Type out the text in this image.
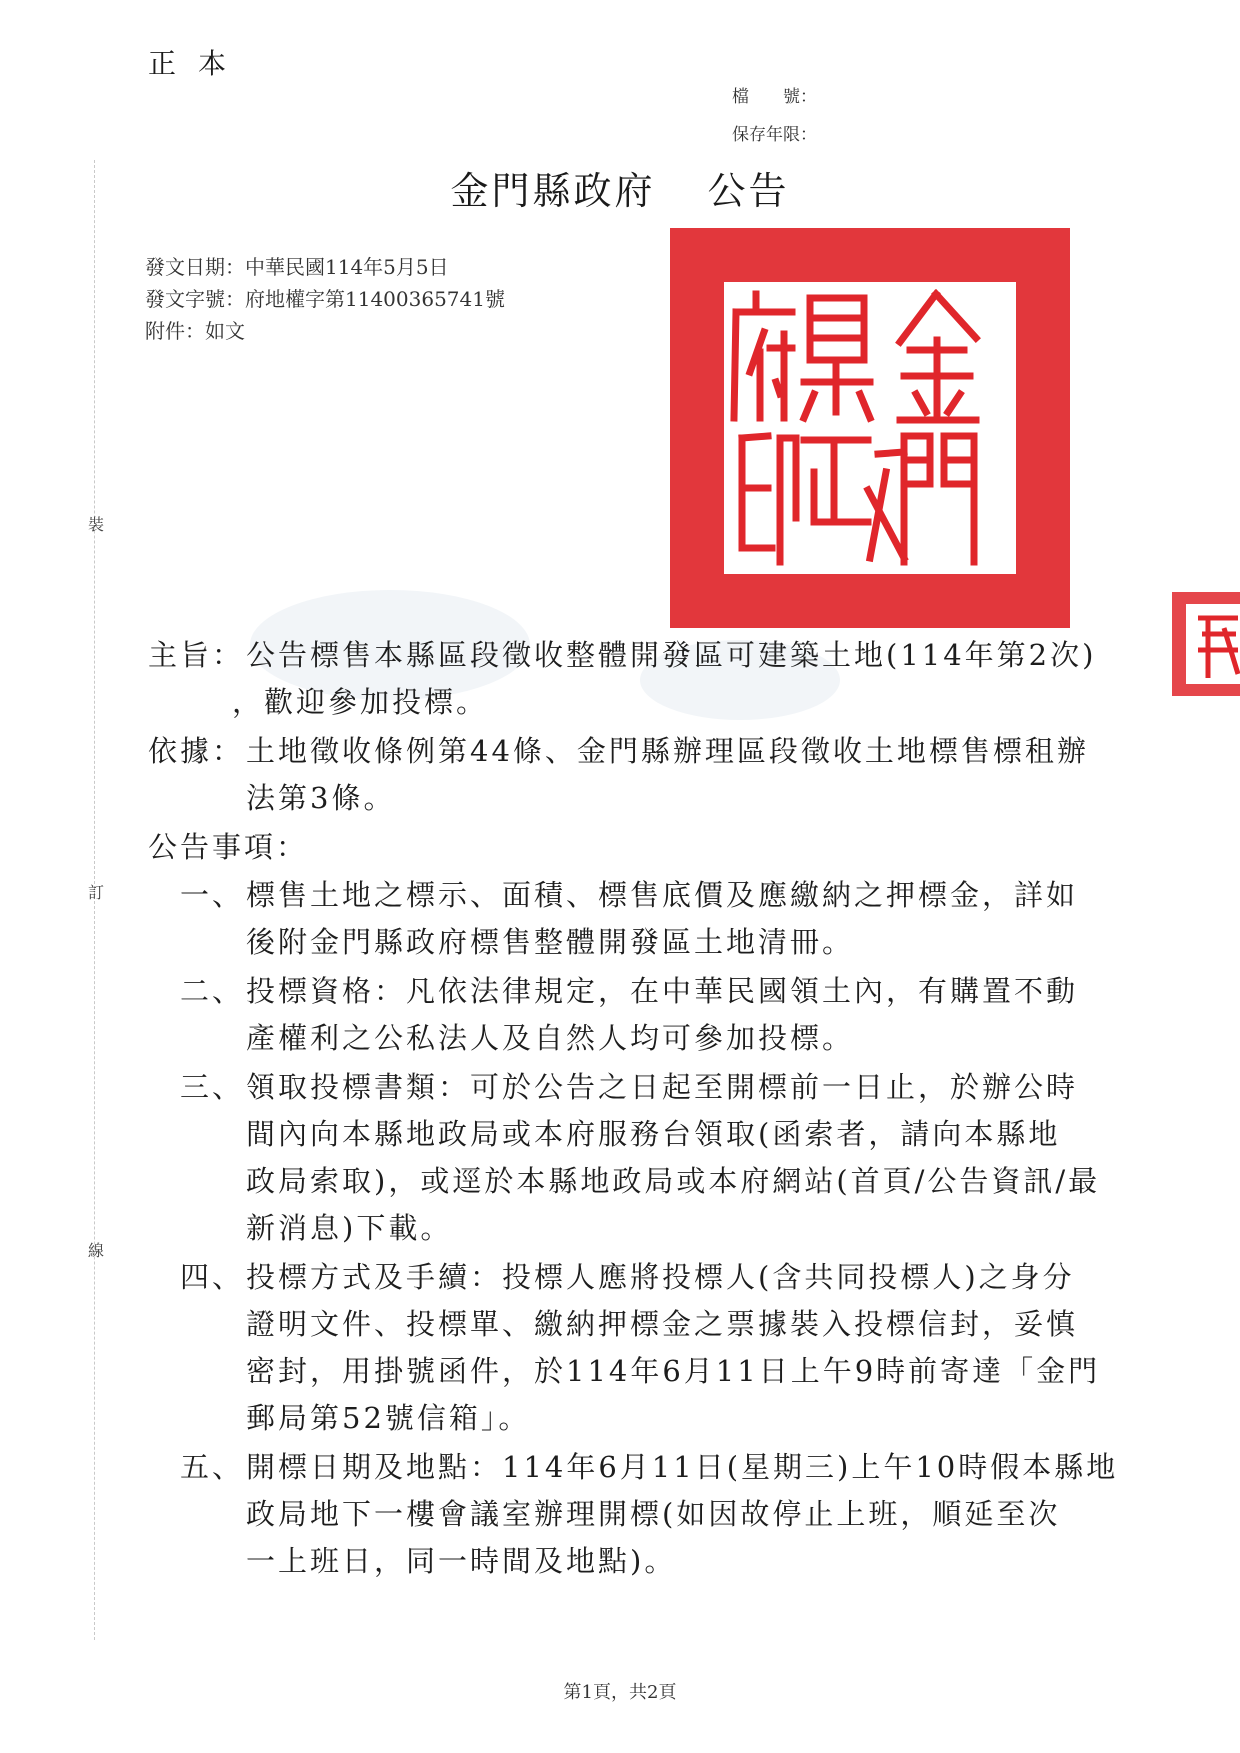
裝
訂
線
正本
檔　　號：
保存年限：
金門縣政府 公告
發文日期：中華民國114年5月5日
發文字號：府地權字第11400365741號
附件：如文
主旨： 公告標售本縣區段徵收整體開發區可建築土地(114年第2次)
，歡迎參加投標。
依據： 土地徵收條例第44條、金門縣辦理區段徵收土地標售標租辦
法第3條。
公告事項：
一、 標售土地之標示、面積、標售底價及應繳納之押標金，詳如
後附金門縣政府標售整體開發區土地清冊。
二、 投標資格：凡依法律規定，在中華民國領土內，有購置不動
產權利之公私法人及自然人均可參加投標。
三、 領取投標書類：可於公告之日起至開標前一日止，於辦公時
間內向本縣地政局或本府服務台領取(函索者，請向本縣地
政局索取)，或逕於本縣地政局或本府網站(首頁/公告資訊/最
新消息)下載。
四、 投標方式及手續：投標人應將投標人(含共同投標人)之身分
證明文件、投標單、繳納押標金之票據裝入投標信封，妥慎
密封，用掛號函件，於114年6月11日上午9時前寄達「金門
郵局第52號信箱」。
五、 開標日期及地點：114年6月11日(星期三)上午10時假本縣地
政局地下一樓會議室辦理開標(如因故停止上班，順延至次
一上班日，同一時間及地點)。
第1頁，共2頁
